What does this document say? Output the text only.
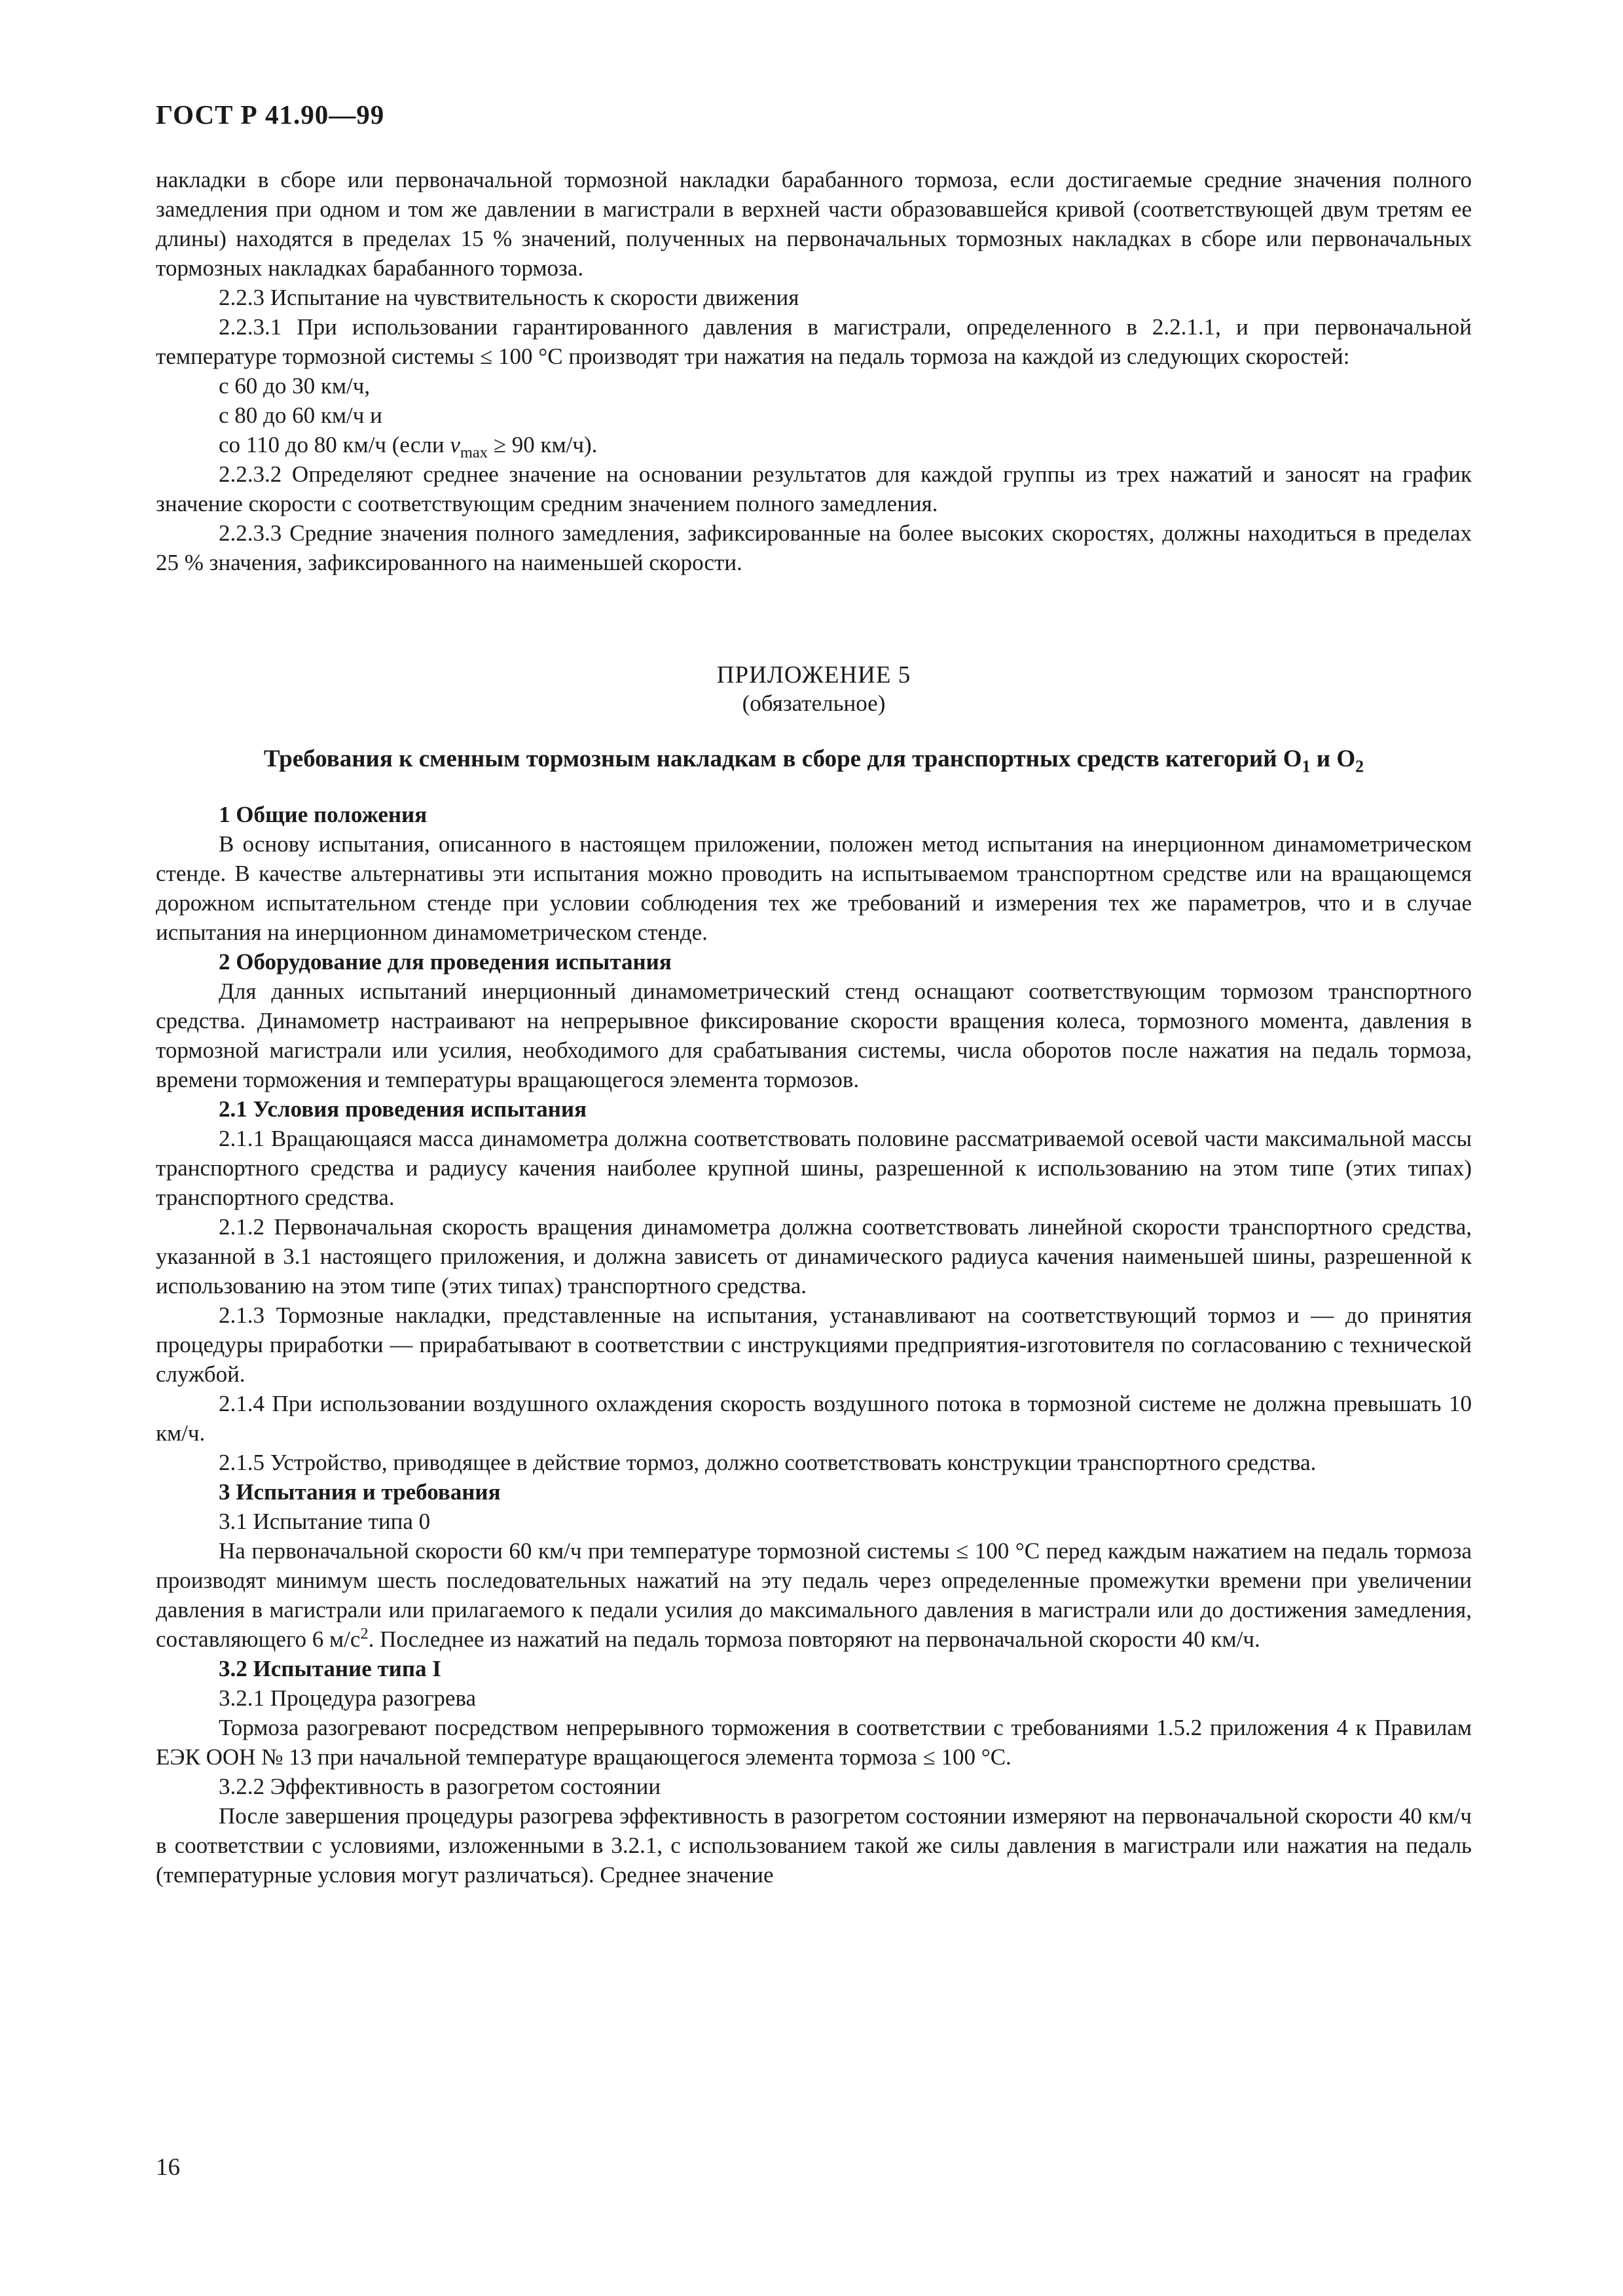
ГОСТ Р 41.90—99

накладки в сборе или первоначальной тормозной накладки барабанного тормоза, если достигаемые средние значения полного замедления при одном и том же давлении в магистрали в верхней части образовавшейся кривой (соответствующей двум третям ее длины) находятся в пределах 15 % значений, полученных на первоначальных тормозных накладках в сборе или первоначальных тормозных накладках барабанного тормоза.

2.2.3 Испытание на чувствительность к скорости движения

2.2.3.1 При использовании гарантированного давления в магистрали, определенного в 2.2.1.1, и при первоначальной температуре тормозной системы ≤ 100 °С производят три нажатия на педаль тормоза на каждой из следующих скоростей:

с 60 до 30 км/ч,

с 80 до 60 км/ч и

со 110 до 80 км/ч (если $v_{max} \ge 90$ км/ч).

2.2.3.2 Определяют среднее значение на основании результатов для каждой группы из трех нажатий и заносят на график значение скорости с соответствующим средним значением полного замедления.

2.2.3.3 Средние значения полного замедления, зафиксированные на более высоких скоростях, должны находиться в пределах 25 % значения, зафиксированного на наименьшей скорости.

ПРИЛОЖЕНИЕ 5
(обязательное)
Требования к сменным тормозным накладкам в сборе для транспортных средств категорий $O_1$ и $O_2$

1 Общие положения

В основу испытания, описанного в настоящем приложении, положен метод испытания на инерционном динамометрическом стенде. В качестве альтернативы эти испытания можно проводить на испытываемом транспортном средстве или на вращающемся дорожном испытательном стенде при условии соблюдения тех же требований и измерения тех же параметров, что и в случае испытания на инерционном динамометрическом стенде.

2 Оборудование для проведения испытания

Для данных испытаний инерционный динамометрический стенд оснащают соответствующим тормозом транспортного средства. Динамометр настраивают на непрерывное фиксирование скорости вращения колеса, тормозного момента, давления в тормозной магистрали или усилия, необходимого для срабатывания системы, числа оборотов после нажатия на педаль тормоза, времени торможения и температуры вращающегося элемента тормозов.

2.1 Условия проведения испытания

2.1.1 Вращающаяся масса динамометра должна соответствовать половине рассматриваемой осевой части максимальной массы транспортного средства и радиусу качения наиболее крупной шины, разрешенной к использованию на этом типе (этих типах) транспортного средства.

2.1.2 Первоначальная скорость вращения динамометра должна соответствовать линейной скорости транспортного средства, указанной в 3.1 настоящего приложения, и должна зависеть от динамического радиуса качения наименьшей шины, разрешенной к использованию на этом типе (этих типах) транспортного средства.

2.1.3 Тормозные накладки, представленные на испытания, устанавливают на соответствующий тормоз и — до принятия процедуры приработки — прирабатывают в соответствии с инструкциями предприятия-изготовителя по согласованию с технической службой.

2.1.4 При использовании воздушного охлаждения скорость воздушного потока в тормозной системе не должна превышать 10 км/ч.

2.1.5 Устройство, приводящее в действие тормоз, должно соответствовать конструкции транспортного средства.

3 Испытания и требования

3.1 Испытание типа 0

На первоначальной скорости 60 км/ч при температуре тормозной системы ≤ 100 °С перед каждым нажатием на педаль тормоза производят минимум шесть последовательных нажатий на эту педаль через определенные промежутки времени при увеличении давления в магистрали или прилагаемого к педали усилия до максимального давления в магистрали или до достижения замедления, составляющего 6 $м/с^2$. Последнее из нажатий на педаль тормоза повторяют на первоначальной скорости 40 км/ч.

3.2 Испытание типа I

3.2.1 Процедура разогрева

Тормоза разогревают посредством непрерывного торможения в соответствии с требованиями 1.5.2 приложения 4 к Правилам ЕЭК ООН № 13 при начальной температуре вращающегося элемента тормоза ≤ 100 °С.

3.2.2 Эффективность в разогретом состоянии

После завершения процедуры разогрева эффективность в разогретом состоянии измеряют на первоначальной скорости 40 км/ч в соответствии с условиями, изложенными в 3.2.1, с использованием такой же силы давления в магистрали или нажатия на педаль (температурные условия могут различаться). Среднее значение

16
